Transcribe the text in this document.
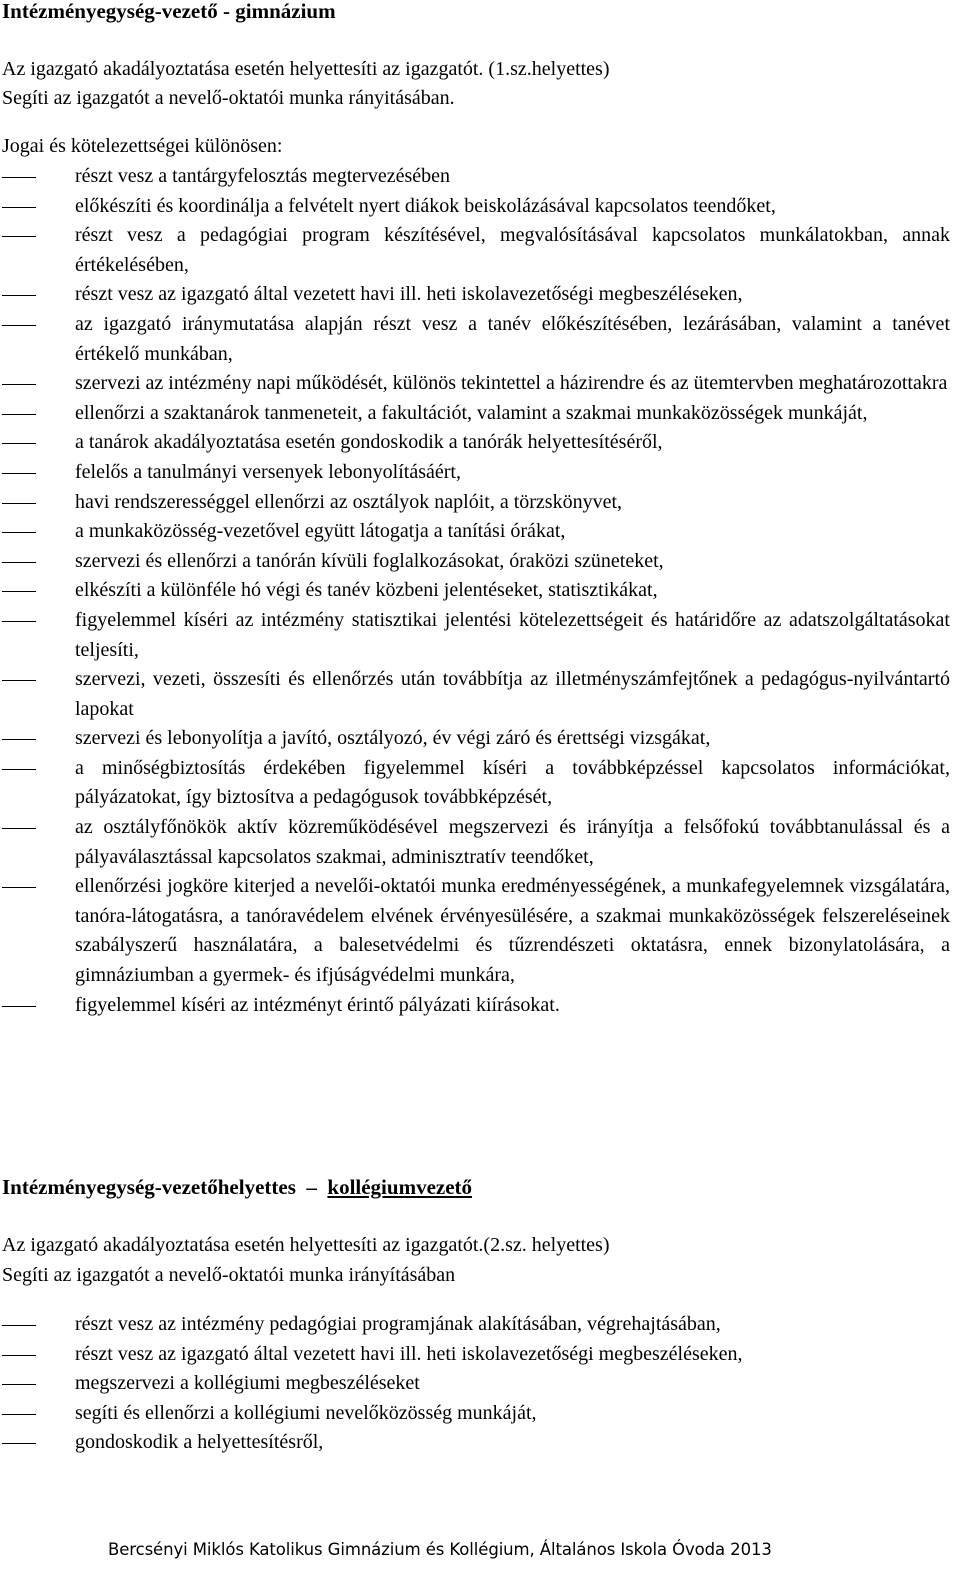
Intézményegység-vezető - gimnázium

Az igazgató akadályoztatása esetén helyettesíti az igazgatót. (1.sz.helyettes)

Segíti az igazgatót a nevelő-oktatói munka rányitásában.

Jogai és kötelezettségei különösen:

részt vesz a tantárgyfelosztás megtervezésében
előkészíti és koordinálja a felvételt nyert diákok beiskolázásával kapcsolatos teendőket,
részt vesz a pedagógiai program készítésével, megvalósításával kapcsolatos munkálatokban, annak értékelésében,
részt vesz az igazgató által vezetett havi ill. heti iskolavezetőségi megbeszéléseken,
az igazgató iránymutatása alapján részt vesz a tanév előkészítésében, lezárásában, valamint a tanévet értékelő munkában,
szervezi az intézmény napi működését, különös tekintettel a házirendre és az ütemtervben meghatározottakra
ellenőrzi a szaktanárok tanmeneteit, a fakultációt, valamint a szakmai munkaközösségek munkáját,
a tanárok akadályoztatása esetén gondoskodik a tanórák helyettesítéséről,
felelős a tanulmányi versenyek lebonyolításáért,
havi rendszerességgel ellenőrzi az osztályok naplóit, a törzskönyvet,
a munkaközösség-vezetővel együtt látogatja a tanítási órákat,
szervezi és ellenőrzi a tanórán kívüli foglalkozásokat, óraközi szüneteket,
elkészíti a különféle hó végi és tanév közbeni jelentéseket, statisztikákat,
figyelemmel kíséri az intézmény statisztikai jelentési kötelezettségeit és határidőre az adatszolgáltatásokat teljesíti,
szervezi, vezeti, összesíti és ellenőrzés után továbbítja az illetményszámfejtőnek a pedagógus-nyilvántartó lapokat
szervezi és lebonyolítja a javító, osztályozó, év végi záró és érettségi vizsgákat,
a minőségbiztosítás érdekében figyelemmel kíséri a továbbképzéssel kapcsolatos információkat, pályázatokat, így biztosítva a pedagógusok továbbképzését,
az osztályfőnökök aktív közreműködésével megszervezi és irányítja a felsőfokú továbbtanulással és a pályaválasztással kapcsolatos szakmai, adminisztratív teendőket,
ellenőrzési jogköre kiterjed a nevelői-oktatói munka eredményességének, a munkafegyelemnek vizsgálatára, tanóra-látogatásra, a tanóravédelem elvének érvényesülésére, a szakmai munkaközösségek felszereléseinek szabályszerű használatára, a balesetvédelmi és tűzrendészeti oktatásra, ennek bizonylatolására, a gimnáziumban a gyermek- és ifjúságvédelmi munkára,
figyelemmel kíséri az intézményt érintő pályázati kiírásokat.

Intézményegység-vezetőhelyettes  –  kollégiumvezető

Az igazgató akadályoztatása esetén helyettesíti az igazgatót.(2.sz. helyettes)

Segíti az igazgatót a nevelő-oktatói munka irányításában

részt vesz az intézmény pedagógiai programjának alakításában, végrehajtásában,
részt vesz az igazgató által vezetett havi ill. heti iskolavezetőségi megbeszéléseken,
megszervezi a kollégiumi megbeszéléseket
segíti és ellenőrzi a kollégiumi nevelőközösség munkáját,
gondoskodik a helyettesítésről,

Bercsényi Miklós Katolikus Gimnázium és Kollégium, Általános Iskola Óvoda 2013
